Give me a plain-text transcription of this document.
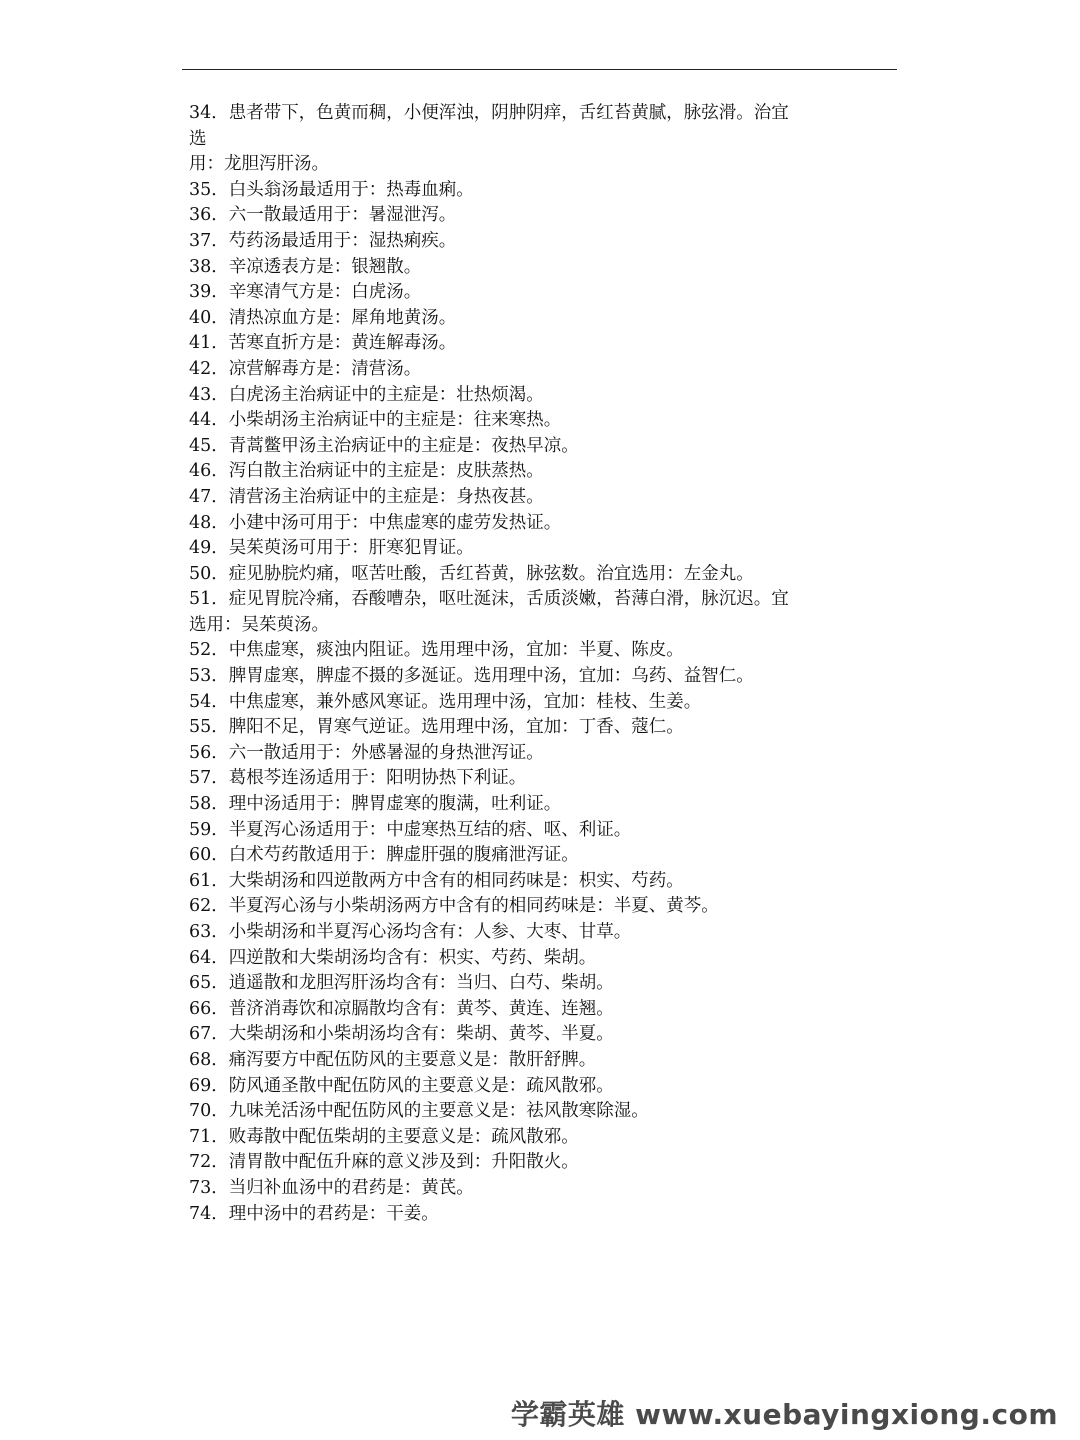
34．患者带下，色黄而稠，小便浑浊，阴肿阴痒，舌红苔黄腻，脉弦滑。治宜
选
用：龙胆泻肝汤。
35．白头翁汤最适用于：热毒血痢。
36．六一散最适用于：暑湿泄泻。
37．芍药汤最适用于：湿热痢疾。
38．辛凉透表方是：银翘散。
39．辛寒清气方是：白虎汤。
40．清热凉血方是：犀角地黄汤。
41．苦寒直折方是：黄连解毒汤。
42．凉营解毒方是：清营汤。
43．白虎汤主治病证中的主症是：壮热烦渴。
44．小柴胡汤主治病证中的主症是：往来寒热。
45．青蒿鳖甲汤主治病证中的主症是：夜热早凉。
46．泻白散主治病证中的主症是：皮肤蒸热。
47．清营汤主治病证中的主症是：身热夜甚。
48．小建中汤可用于：中焦虚寒的虚劳发热证。
49．吴茱萸汤可用于：肝寒犯胃证。
50．症见胁脘灼痛，呕苦吐酸，舌红苔黄，脉弦数。治宜选用：左金丸。
51．症见胃脘冷痛，吞酸嘈杂，呕吐涎沫，舌质淡嫩，苔薄白滑，脉沉迟。宜
选用：吴茱萸汤。
52．中焦虚寒，痰浊内阻证。选用理中汤，宜加：半夏、陈皮。
53．脾胃虚寒，脾虚不摄的多涎证。选用理中汤，宜加：乌药、益智仁。
54．中焦虚寒，兼外感风寒证。选用理中汤，宜加：桂枝、生姜。
55．脾阳不足，胃寒气逆证。选用理中汤，宜加：丁香、蔻仁。
56．六一散适用于：外感暑湿的身热泄泻证。
57．葛根芩连汤适用于：阳明协热下利证。
58．理中汤适用于：脾胃虚寒的腹满，吐利证。
59．半夏泻心汤适用于：中虚寒热互结的痞、呕、利证。
60．白术芍药散适用于：脾虚肝强的腹痛泄泻证。
61．大柴胡汤和四逆散两方中含有的相同药味是：枳实、芍药。
62．半夏泻心汤与小柴胡汤两方中含有的相同药味是：半夏、黄芩。
63．小柴胡汤和半夏泻心汤均含有：人参、大枣、甘草。
64．四逆散和大柴胡汤均含有：枳实、芍药、柴胡。
65．逍遥散和龙胆泻肝汤均含有：当归、白芍、柴胡。
66．普济消毒饮和凉膈散均含有：黄芩、黄连、连翘。
67．大柴胡汤和小柴胡汤均含有：柴胡、黄芩、半夏。
68．痛泻要方中配伍防风的主要意义是：散肝舒脾。
69．防风通圣散中配伍防风的主要意义是：疏风散邪。
70．九味羌活汤中配伍防风的主要意义是：祛风散寒除湿。
71．败毒散中配伍柴胡的主要意义是：疏风散邪。
72．清胃散中配伍升麻的意义涉及到：升阳散火。
73．当归补血汤中的君药是：黄芪。
74．理中汤中的君药是：干姜。
学霸英雄 www.xuebayingxiong.com
